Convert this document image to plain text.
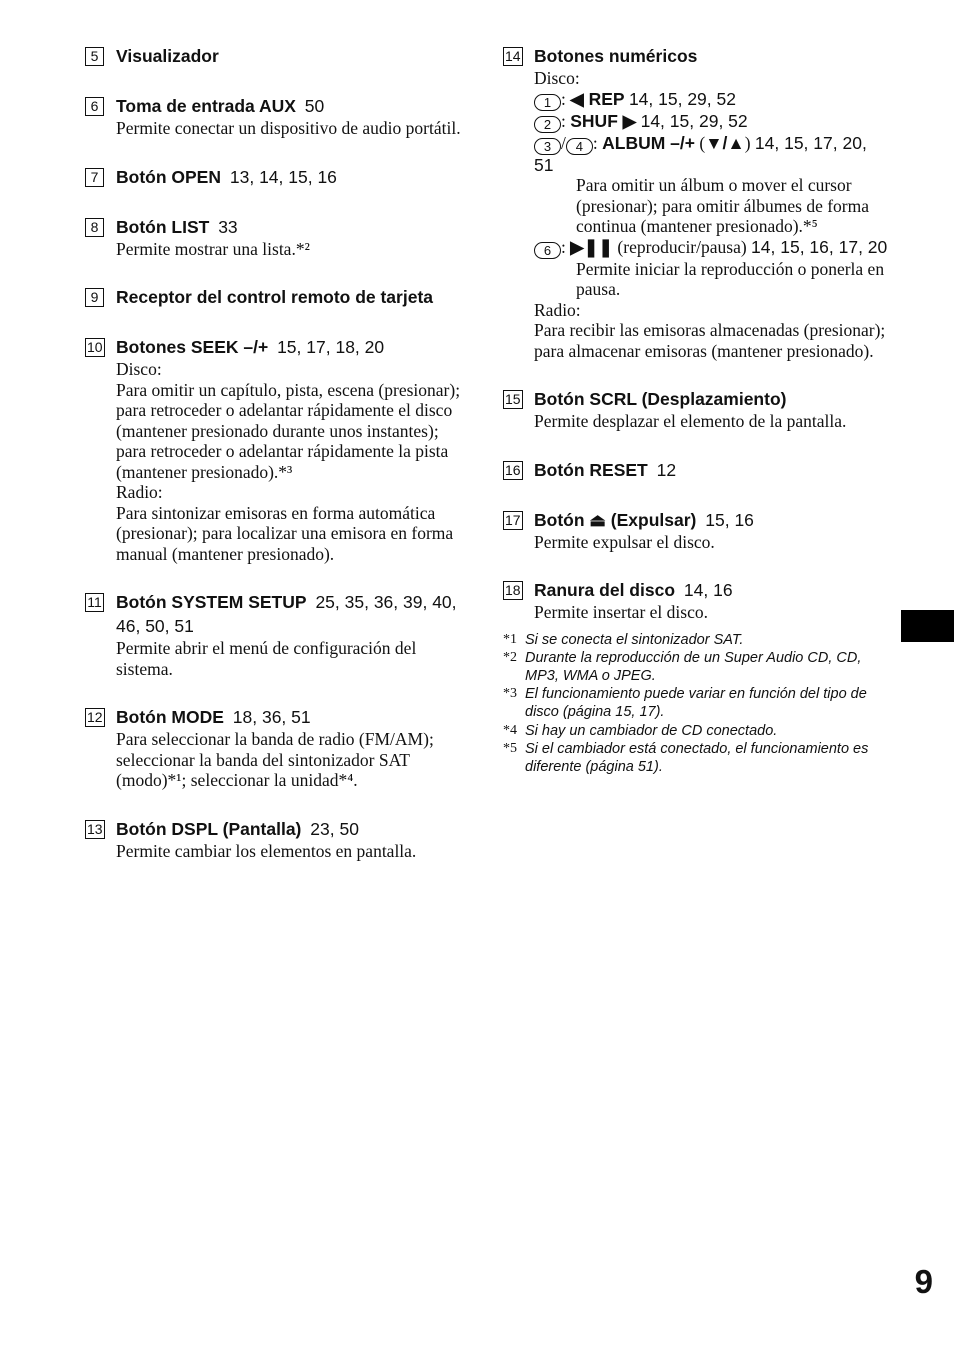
5	Visualizador
6	Toma de entrada AUX 50

Permite conectar un dispositivo de audio portátil.

7	Botón OPEN 13, 14, 15, 16
8	Botón LIST 33

Permite mostrar una lista.*²

9	Receptor del control remoto de tarjeta
10 Botones SEEK –/+ 15, 17, 18, 20

Disco:

Para omitir un capítulo, pista, escena (presionar); para retroceder o adelantar rápidamente el disco (mantener presionado durante unos instantes); para retroceder o adelantar rápidamente la pista (mantener presionado).*³

Radio:

Para sintonizar emisoras en forma automática (presionar); para localizar una emisora en forma manual (mantener presionado).

11 Botón SYSTEM SETUP 25, 35, 36, 39, 40, 46, 50, 51

Permite abrir el menú de configuración del sistema.

12 Botón MODE 18, 36, 51

Para seleccionar la banda de radio (FM/AM); seleccionar la banda del sintonizador SAT (modo)*¹; seleccionar la unidad*⁴.

13 Botón DSPL (Pantalla) 23, 50

Permite cambiar los elementos en pantalla.

14 Botones numéricos

Disco:

1 : ◀ REP 14, 15, 29, 52

2 : SHUF ▶ 14, 15, 29, 52

3 / 4 : ALBUM –/+ (▼/▲) 14, 15, 17, 20, 51

Para omitir un álbum o mover el cursor (presionar); para omitir álbumes de forma continua (mantener presionado).*⁵

6 : ▶❚❚ (reproducir/pausa) 14, 15, 16, 17, 20

Permite iniciar la reproducción o ponerla en pausa.

Radio:

Para recibir las emisoras almacenadas (presionar); para almacenar emisoras (mantener presionado).

15 Botón SCRL (Desplazamiento)

Permite desplazar el elemento de la pantalla.

16 Botón RESET 12
17 Botón ⏏ (Expulsar) 15, 16

Permite expulsar el disco.

18 Ranura del disco 14, 16

Permite insertar el disco.

*1 Si se conecta el sintonizador SAT.
*2 Durante la reproducción de un Super Audio CD, CD, MP3, WMA o JPEG.
*3 El funcionamiento puede variar en función del tipo de disco (página 15, 17).
*4 Si hay un cambiador de CD conectado.
*5 Si el cambiador está conectado, el funcionamiento es diferente (página 51).
9
